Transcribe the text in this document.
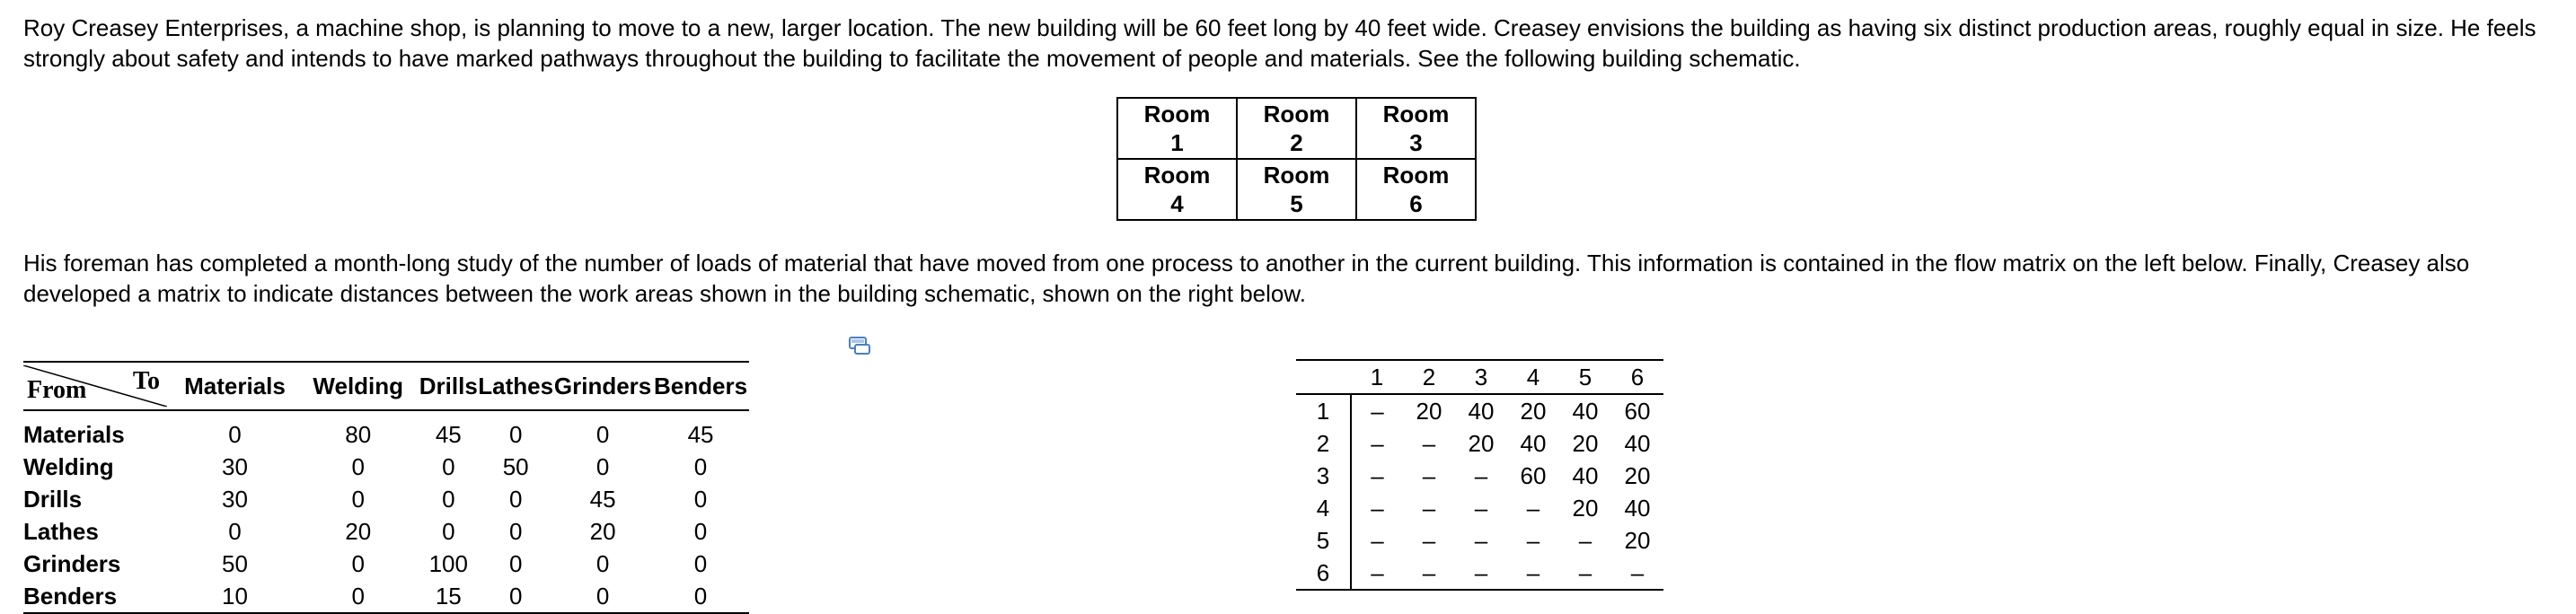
Roy Creasey Enterprises, a machine shop, is planning to move to a new, larger location. The new building will be 60 feet long by 40 feet wide. Creasey envisions the building as having six distinct production areas, roughly equal in size. He feels strongly about safety and intends to have marked pathways throughout the building to facilitate the movement of people and materials. See the following building schematic.

Room
1	Room
2	Room
3
Room
4	Room
5	Room
6

His foreman has completed a month-long study of the number of loads of material that have moved from one process to another in the current building. This information is contained in the flow matrix on the left below. Finally, Creasey also developed a matrix to indicate distances between the work areas shown in the building schematic, shown on the right below.

From To	Materials	Welding	Drills	Lathes	Grinders	Benders
Materials	0	80	45	0	0	45
Welding	30	0	0	50	0	0
Drills	30	0	0	0	45	0
Lathes	0	20	0	0	20	0
Grinders	50	0	100	0	0	0
Benders	10	0	15	0	0	0
	1	2	3	4	5	6
1	–	20	40	20	40	60
2	–	–	20	40	20	40
3	–	–	–	60	40	20
4	–	–	–	–	20	40
5	–	–	–	–	–	20
6	–	–	–	–	–	–
